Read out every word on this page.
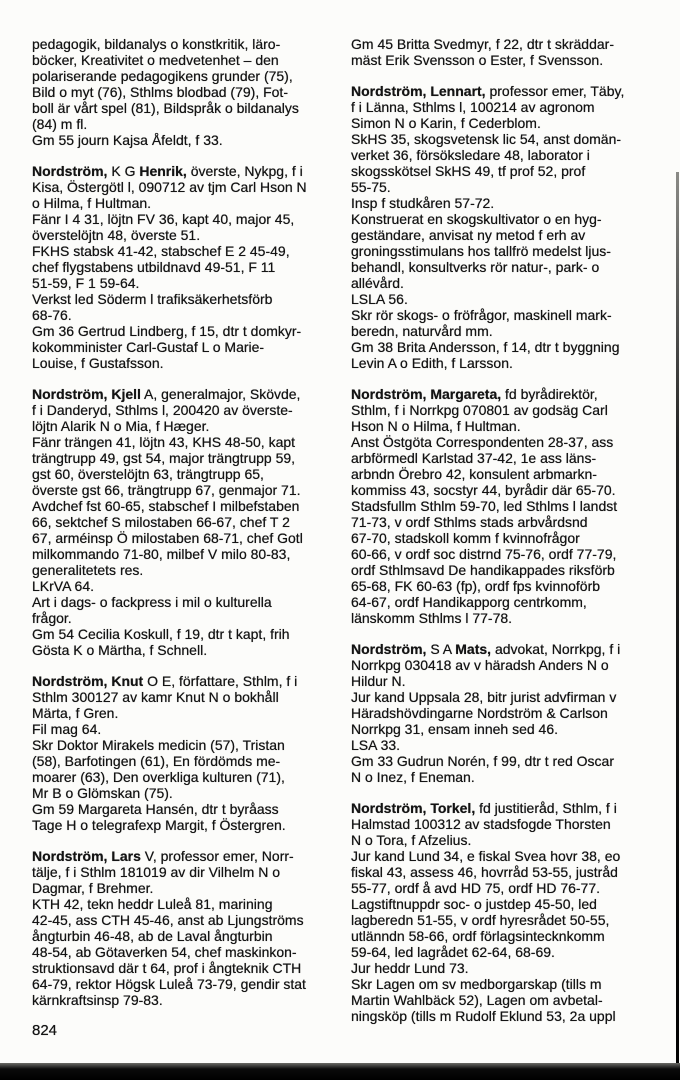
pedagogik, bildanalys o konstkritik, läro-
böcker, Kreativitet o medvetenhet – den
polariserande pedagogikens grunder (75),
Bild o myt (76), Sthlms blodbad (79), Fot-
boll är vårt spel (81), Bildspråk o bildanalys
(84) m fl.
Gm 55 journ Kajsa Åfeldt, f 33.
Nordström, K G Henrik, överste, Nykpg, f i
Kisa, Östergötl l, 090712 av tjm Carl Hson N
o Hilma, f Hultman.
Fänr I 4 31, löjtn FV 36, kapt 40, major 45,
överstelöjtn 48, överste 51.
FKHS stabsk 41-42, stabschef E 2 45-49,
chef flygstabens utbildnavd 49-51, F 11
51-59, F 1 59-64.
Verkst led Söderm l trafiksäkerhetsförb
68-76.
Gm 36 Gertrud Lindberg, f 15, dtr t domkyr-
kokomminister Carl-Gustaf L o Marie-
Louise, f Gustafsson.
Nordström, Kjell A, generalmajor, Skövde,
f i Danderyd, Sthlms l, 200420 av överste-
löjtn Alarik N o Mia, f Hæger.
Fänr trängen 41, löjtn 43, KHS 48-50, kapt
trängtrupp 49, gst 54, major trängtrupp 59,
gst 60, överstelöjtn 63, trängtrupp 65,
överste gst 66, trängtrupp 67, genmajor 71.
Avdchef fst 60-65, stabschef I milbefstaben
66, sektchef S milostaben 66-67, chef T 2
67, arméinsp Ö milostaben 68-71, chef Gotl
milkommando 71-80, milbef V milo 80-83,
generalitetets res.
LKrVA 64.
Art i dags- o fackpress i mil o kulturella
frågor.
Gm 54 Cecilia Koskull, f 19, dtr t kapt, frih
Gösta K o Märtha, f Schnell.
Nordström, Knut O E, författare, Sthlm, f i
Sthlm 300127 av kamr Knut N o bokhåll
Märta, f Gren.
Fil mag 64.
Skr Doktor Mirakels medicin (57), Tristan
(58), Barfotingen (61), En fördömds me-
moarer (63), Den overkliga kulturen (71),
Mr B o Glömskan (75).
Gm 59 Margareta Hansén, dtr t byråass
Tage H o telegrafexp Margit, f Östergren.
Nordström, Lars V, professor emer, Norr-
tälje, f i Sthlm 181019 av dir Vilhelm N o
Dagmar, f Brehmer.
KTH 42, tekn heddr Luleå 81, marining
42-45, ass CTH 45-46, anst ab Ljungströms
ångturbin 46-48, ab de Laval ångturbin
48-54, ab Götaverken 54, chef maskinkon-
struktionsavd där t 64, prof i ångteknik CTH
64-79, rektor Högsk Luleå 73-79, gendir stat
kärnkraftsinsp 79-83.
Gm 45 Britta Svedmyr, f 22, dtr t skräddar-
mäst Erik Svensson o Ester, f Svensson.
Nordström, Lennart, professor emer, Täby,
f i Länna, Sthlms l, 100214 av agronom
Simon N o Karin, f Cederblom.
SkHS 35, skogsvetensk lic 54, anst domän-
verket 36, försöksledare 48, laborator i
skogsskötsel SkHS 49, tf prof 52, prof
55-75.
Insp f studkåren 57-72.
Konstruerat en skogskultivator o en hyg-
geständare, anvisat ny metod f erh av
groningsstimulans hos tallfrö medelst ljus-
behandl, konsultverks rör natur-, park- o
allévård.
LSLA 56.
Skr rör skogs- o fröfrågor, maskinell mark-
beredn, naturvård mm.
Gm 38 Brita Andersson, f 14, dtr t byggning
Levin A o Edith, f Larsson.
Nordström, Margareta, fd byrådirektör,
Sthlm, f i Norrkpg 070801 av godsäg Carl
Hson N o Hilma, f Hultman.
Anst Östgöta Correspondenten 28-37, ass
arbförmedl Karlstad 37-42, 1e ass läns-
arbndn Örebro 42, konsulent arbmarkn-
kommiss 43, socstyr 44, byrådir där 65-70.
Stadsfullm Sthlm 59-70, led Sthlms l landst
71-73, v ordf Sthlms stads arbvårdsnd
67-70, stadskoll komm f kvinnofrågor
60-66, v ordf soc distrnd 75-76, ordf 77-79,
ordf Sthlmsavd De handikappades riksförb
65-68, FK 60-63 (fp), ordf fps kvinnoförb
64-67, ordf Handikapporg centrkomm,
länskomm Sthlms l 77-78.
Nordström, S A Mats, advokat, Norrkpg, f i
Norrkpg 030418 av v häradsh Anders N o
Hildur N.
Jur kand Uppsala 28, bitr jurist advfirman v
Häradshövdingarne Nordström & Carlson
Norrkpg 31, ensam inneh sed 46.
LSA 33.
Gm 33 Gudrun Norén, f 99, dtr t red Oscar
N o Inez, f Eneman.
Nordström, Torkel, fd justitieråd, Sthlm, f i
Halmstad 100312 av stadsfogde Thorsten
N o Tora, f Afzelius.
Jur kand Lund 34, e fiskal Svea hovr 38, eo
fiskal 43, assess 46, hovrråd 53-55, justråd
55-77, ordf å avd HD 75, ordf HD 76-77.
Lagstiftnuppdr soc- o justdep 45-50, led
lagberedn 51-55, v ordf hyresrådet 50-55,
utlänndn 58-66, ordf förlagsintecknkomm
59-64, led lagrådet 62-64, 68-69.
Jur heddr Lund 73.
Skr Lagen om sv medborgarskap (tills m
Martin Wahlbäck 52), Lagen om avbetal-
ningsköp (tills m Rudolf Eklund 53, 2a uppl
824
